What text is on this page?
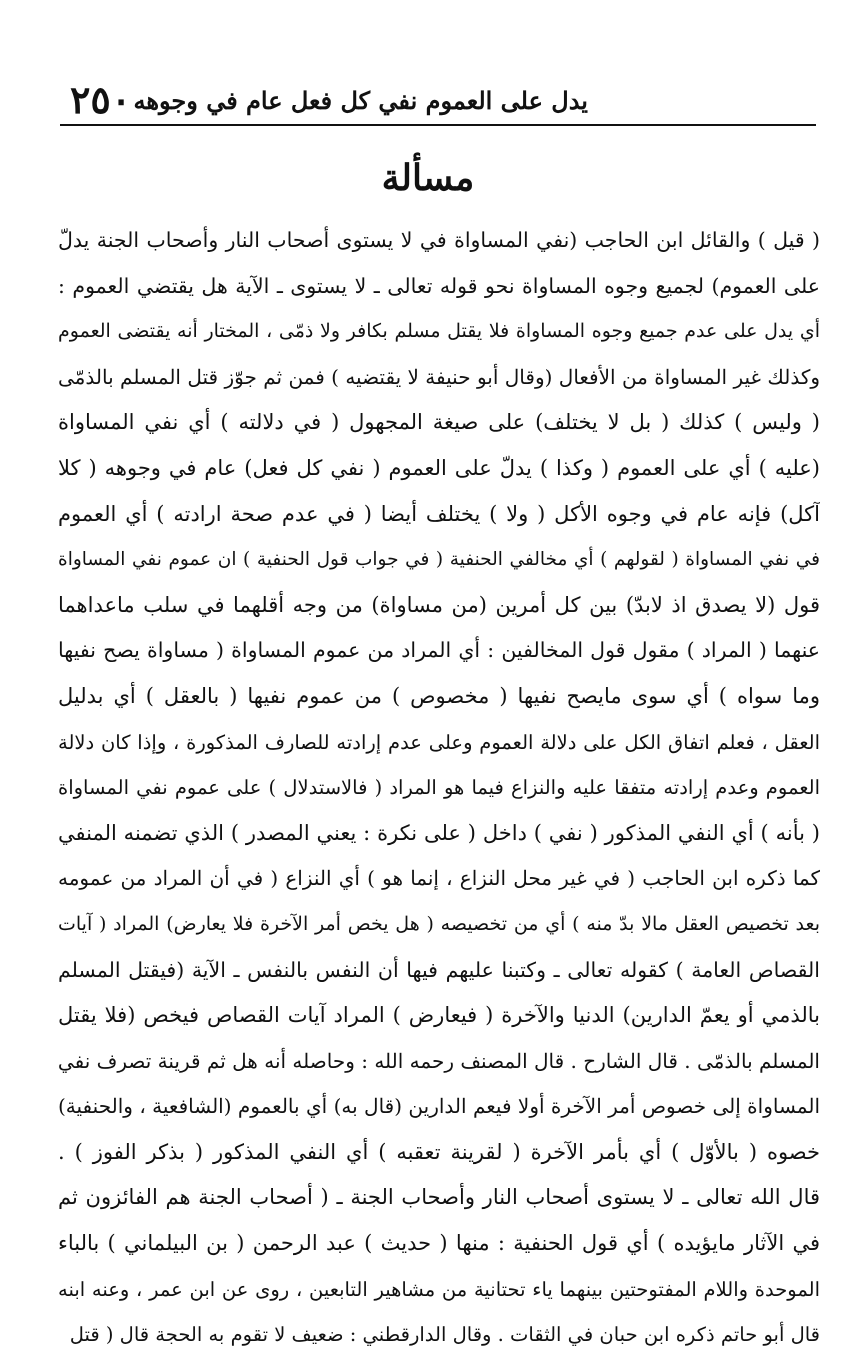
٢٥٠ يدل على العموم نفي كل فعل عام في وجوهه
مسألة
( قيل ) والقائل ابن الحاجب (نفي المساواة في لا يستوى أصحاب النار وأصحاب الجنة يدلّ
على العموم) لجميع وجوه المساواة نحو قوله تعالى ـ لا يستوى ـ الآية هل يقتضي العموم :
أي يدل على عدم جميع وجوه المساواة فلا يقتل مسلم بكافر ولا ذمّى ، المختار أنه يقتضى العموم
وكذلك غير المساواة من الأفعال (وقال أبو حنيفة لا يقتضيه ) فمن ثم جوّز قتل المسلم بالذمّى
( وليس ) كذلك ( بل لا يختلف) على صيغة المجهول ( في دلالته ) أي نفي المساواة
(عليه ) أي على العموم ( وكذا ) يدلّ على العموم ( نفي كل فعل) عام في وجوهه ( كلا
آكل) فإنه عام في وجوه الأكل ( ولا ) يختلف أيضا ( في عدم صحة ارادته ) أي العموم
في نفي المساواة ( لقولهم ) أي مخالفي الحنفية ( في جواب قول الحنفية ) ان عموم نفي المساواة
قول (لا يصدق اذ لابدّ) بين كل أمرين (من مساواة) من وجه أقلهما في سلب ماعداهما
عنهما ( المراد ) مقول قول المخالفين : أي المراد من عموم المساواة ( مساواة يصح نفيها
وما سواه ) أي سوى مايصح نفيها ( مخصوص ) من عموم نفيها ( بالعقل ) أي بدليل
العقل ، فعلم اتفاق الكل على دلالة العموم وعلى عدم إرادته للصارف المذكورة ، وإذا كان دلالة
العموم وعدم إرادته متفقا عليه والنزاع فيما هو المراد ( فالاستدلال ) على عموم نفي المساواة
( بأنه ) أي النفي المذكور ( نفي ) داخل ( على نكرة : يعني المصدر ) الذي تضمنه المنفي
كما ذكره ابن الحاجب ( في غير محل النزاع ، إنما هو ) أي النزاع ( في أن المراد من عمومه
بعد تخصيص العقل مالا بدّ منه ) أي من تخصيصه ( هل يخص أمر الآخرة فلا يعارض) المراد ( آيات
القصاص العامة ) كقوله تعالى ـ وكتبنا عليهم فيها أن النفس بالنفس ـ الآية (فيقتل المسلم
بالذمي أو يعمّ الدارين) الدنيا والآخرة ( فيعارض ) المراد آيات القصاص فيخص (فلا يقتل
المسلم بالذمّى . قال الشارح . قال المصنف رحمه الله : وحاصله أنه هل ثم قرينة تصرف نفي
المساواة إلى خصوص أمر الآخرة أولا فيعم الدارين (قال به) أي بالعموم (الشافعية ، والحنفية)
خصوه ( بالأوّل ) أي بأمر الآخرة ( لقرينة تعقبه ) أي النفي المذكور ( بذكر الفوز ) .
قال الله تعالى ـ لا يستوى أصحاب النار وأصحاب الجنة ـ ( أصحاب الجنة هم الفائزون ثم
في الآثار مايؤيده ) أي قول الحنفية : منها ( حديث ) عبد الرحمن ( بن البيلماني ) بالباء
الموحدة واللام المفتوحتين بينهما ياء تحتانية من مشاهير التابعين ، روى عن ابن عمر ، وعنه ابنه
قال أبو حاتم ذكره ابن حبان في الثقات . وقال الدارقطني : ضعيف لا تقوم به الحجة قال ( قتل
